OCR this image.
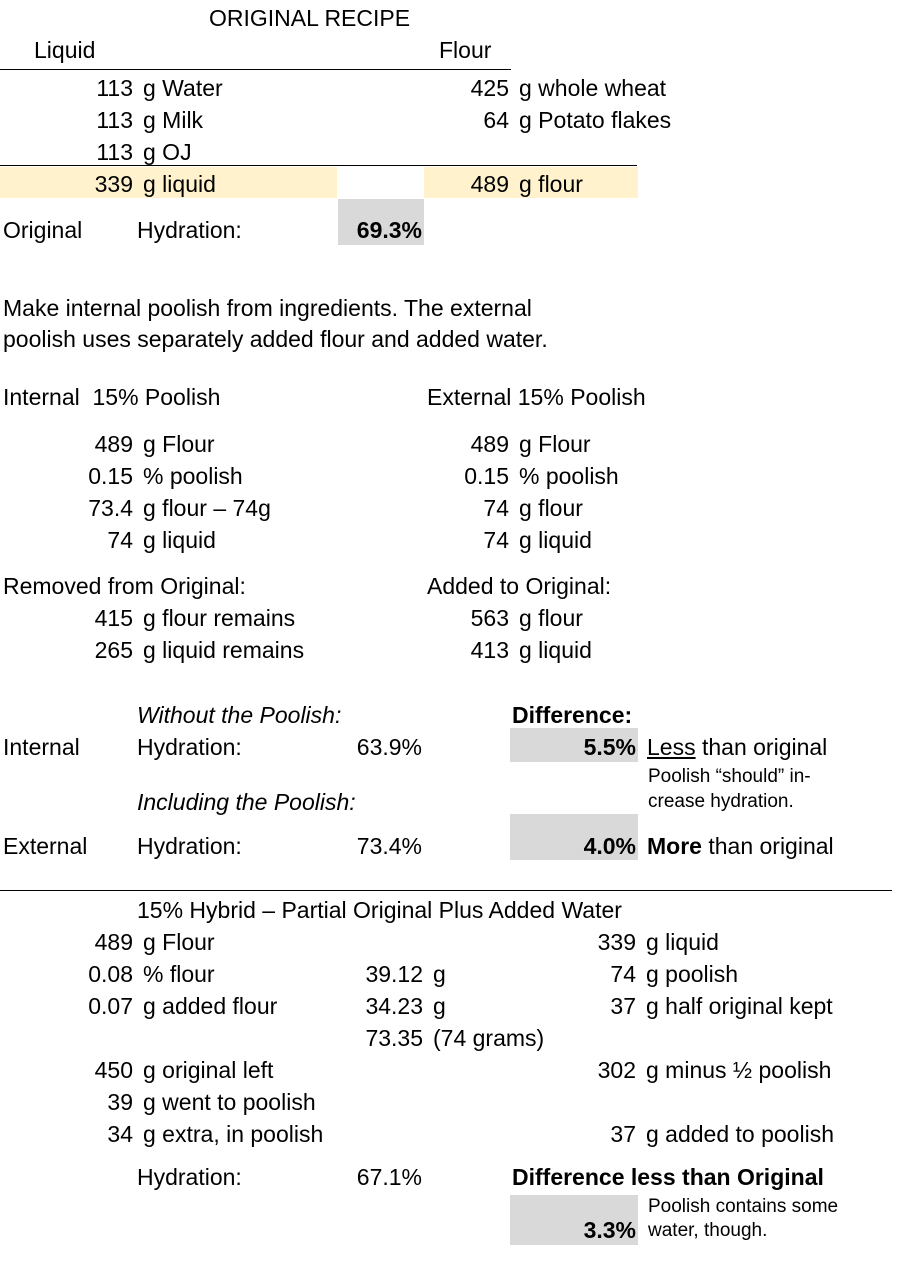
ORIGINAL RECIPE
Liquid	Flour
113 g Water	425 g whole wheat
113 g Milk	64 g Potato flakes
113 g OJ
339 g liquid	489 g flour
Original Hydration:	69.3%
Make internal poolish from ingredients. The external
poolish uses separately added flour and added water.
Internal  15% Poolish	External 15% Poolish
489 g Flour	489 g Flour
0.15 % poolish	0.15 % poolish
73.4 g flour – 74g	74 g flour
74 g liquid	74 g liquid
Removed from Original:	Added to Original:
415 g flour remains	563 g flour
265 g liquid remains	413 g liquid
Without the Poolish:	Difference:
Internal Hydration:	63.9%	5.5% Less than original
Poolish “should” in-
crease hydration.
Including the Poolish:
External Hydration:	73.4%	4.0% More than original
15% Hybrid – Partial Original Plus Added Water
489 g Flour	339 g liquid
0.08 % flour	39.12 g	74 g poolish
0.07 g added flour	34.23 g	37 g half original kept
73.35 (74 grams)
450 g original left	302 g minus ½ poolish
39 g went to poolish
34 g extra, in poolish	37 g added to poolish
Hydration:	67.1%	Difference less than Original
Poolish contains some
water, though.
3.3%
